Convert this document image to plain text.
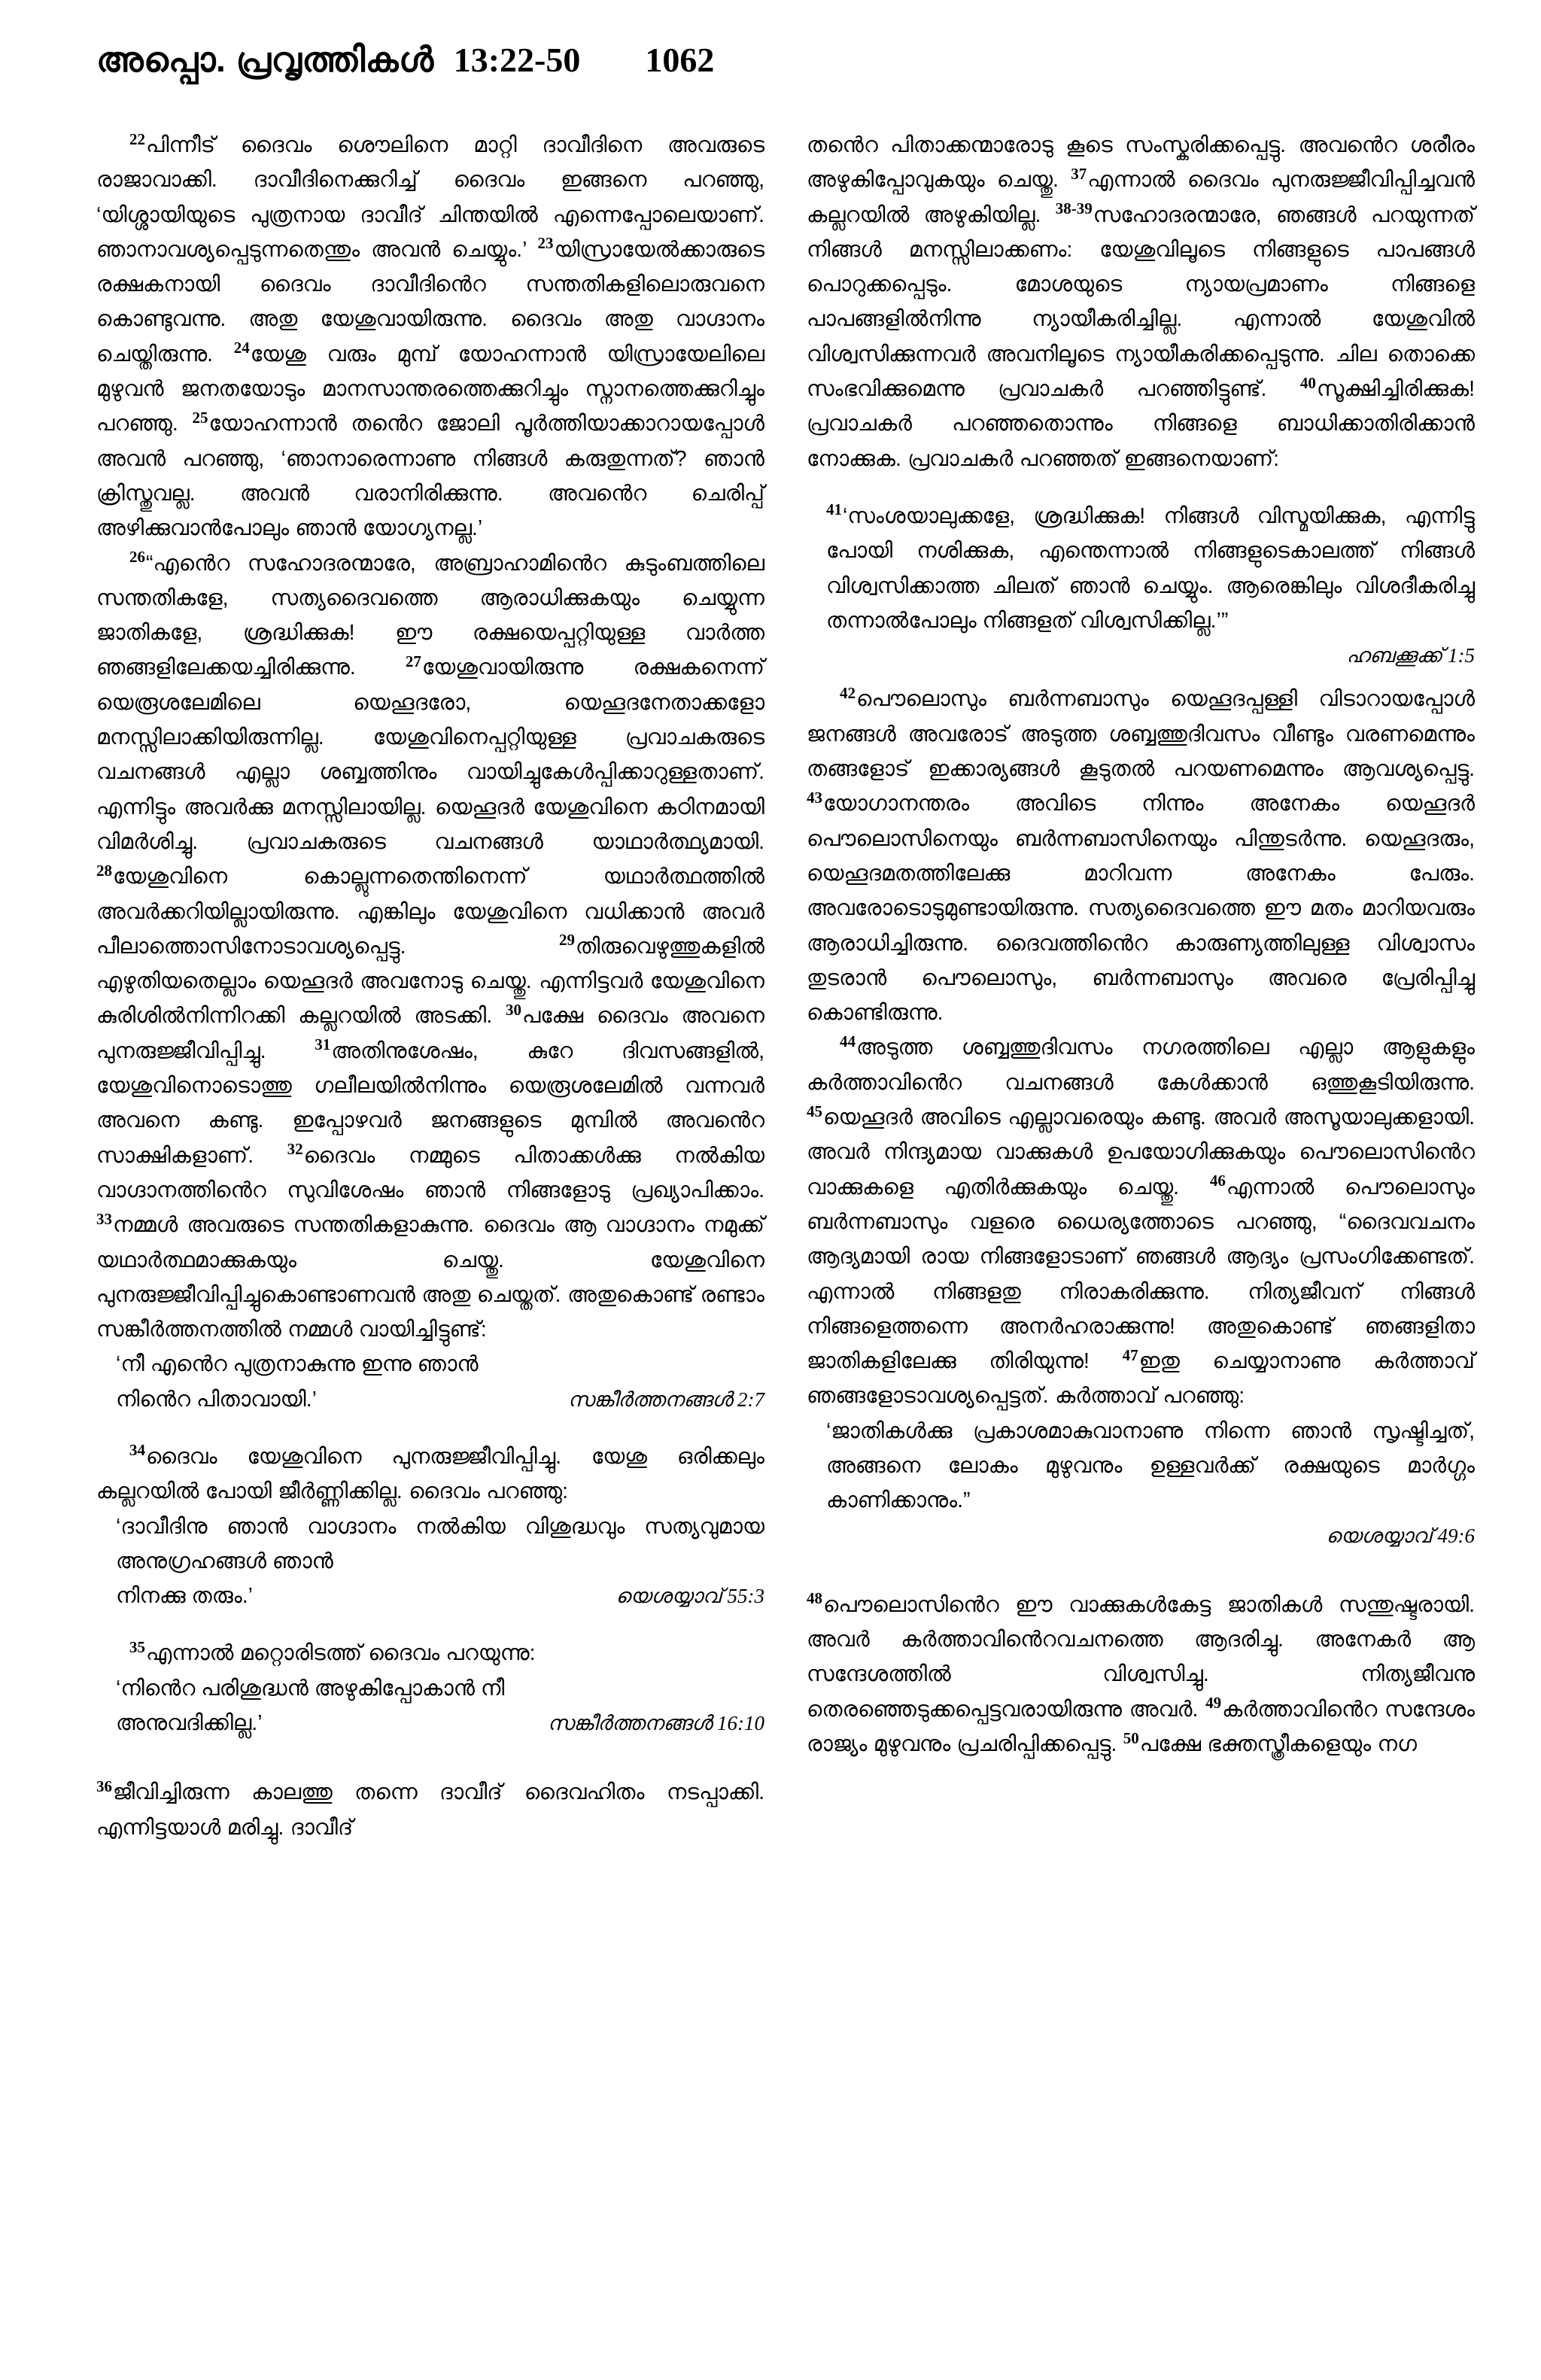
അപ്പൊ. പ്രവൃത്തികൾ 13:22-50 1062

$^{22}$പിന്നീട് ദൈവം ശൌലിനെ മാറ്റി ദാവീദിനെ അവരുടെ രാജാവാക്കി. ദാവീദിനെക്കുറിച്ച് ദൈവം ഇങ്ങനെ പറഞ്ഞു, ‘യിശ്ശായിയുടെ പുത്രനായ ദാവീദ് ചിന്തയിൽ എന്നെപ്പോലെയാണ്. ഞാനാവശ്യപ്പെടുന്നതെന്തും അവൻ ചെയ്യും.’ $^{23}$യിസ്രായേൽക്കാരുടെ രക്ഷകനായി ദൈവം ദാവീദിൻെറ സന്തതികളിലൊരുവനെ കൊണ്ടുവന്നു. അതു യേശുവായിരുന്നു. ദൈവം അതു വാഗ്ദാനം ചെയ്തിരുന്നു. $^{24}$യേശു വരും മുമ്പ് യോഹന്നാൻ യിസ്രായേലിലെ മുഴുവൻ ജനതയോടും മാനസാന്തരത്തെക്കുറിച്ചും സ്നാനത്തെക്കുറിച്ചും പറഞ്ഞു. $^{25}$യോഹന്നാൻ തൻെറ ജോലി പൂർത്തിയാക്കാറായപ്പോൾ അവൻ പറഞ്ഞു, ‘ഞാനാരെന്നാണു നിങ്ങൾ കരുതുന്നത്? ഞാൻ ക്രിസ്തുവല്ല. അവൻ വരാനിരിക്കുന്നു. അവൻെറ ചെരിപ്പ് അഴിക്കുവാൻപോലും ഞാൻ യോഗ്യനല്ല.’

$^{26}$“എൻെറ സഹോദരന്മാരേ, അബ്രാഹാമിൻെറ കുടുംബത്തിലെ സന്തതികളേ, സത്യദൈവത്തെ ആരാധിക്കുകയും ചെയ്യുന്ന ജാതികളേ, ശ്രദ്ധിക്കുക! ഈ രക്ഷയെപ്പറ്റിയുള്ള വാർത്ത ഞങ്ങളിലേക്കയച്ചിരിക്കുന്നു. $^{27}$യേശുവായിരുന്നു രക്ഷകനെന്ന് യെരൂശലേമിലെ യെഹൂദരോ, യെഹൂദനേതാക്കളോ മനസ്സിലാക്കിയിരുന്നില്ല. യേശുവിനെപ്പറ്റിയുള്ള പ്രവാചകരുടെ വചനങ്ങൾ എല്ലാ ശബ്ബത്തിനും വായിച്ചുകേൾപ്പിക്കാറുള്ളതാണ്. എന്നിട്ടും അവർക്കു മനസ്സിലായില്ല. യെഹൂദർ യേശുവിനെ കഠിനമായി വിമർശിച്ചു. പ്രവാചകരുടെ വചനങ്ങൾ യാഥാർത്ഥ്യമായി. $^{28}$യേശുവിനെ കൊല്ലുന്നതെന്തിനെന്ന് യഥാർത്ഥത്തിൽ അവർക്കറിയില്ലായിരുന്നു. എങ്കിലും യേശുവിനെ വധിക്കാൻ അവർ പീലാത്തൊസിനോടാവശ്യപ്പെട്ടു. $^{29}$തിരുവെഴുത്തുകളിൽ എഴുതിയതെല്ലാം യെഹൂദർ അവനോടു ചെയ്തു. എന്നിട്ടവർ യേശുവിനെ കുരിശിൽനിന്നിറക്കി കല്ലറയിൽ അടക്കി. $^{30}$പക്ഷേ ദൈവം അവനെ പുനരുജ്ജീവിപ്പിച്ചു. $^{31}$അതിനുശേഷം, കുറേ ദിവസങ്ങളിൽ, യേശുവിനൊടൊത്തു ഗലീലയിൽനിന്നും യെരൂശലേമിൽ വന്നവർ അവനെ കണ്ടു. ഇപ്പോഴവർ ജനങ്ങളുടെ മുമ്പിൽ അവൻെറ സാക്ഷികളാണ്. $^{32}$ദൈവം നമ്മുടെ പിതാക്കൾക്കു നൽകിയ വാഗ്ദാനത്തിൻെറ സുവിശേഷം ഞാൻ നിങ്ങളോടു പ്രഖ്യാപിക്കാം. $^{33}$നമ്മൾ അവരുടെ സന്തതികളാകുന്നു. ദൈവം ആ വാഗ്ദാനം നമുക്ക് യഥാർത്ഥമാക്കുകയും ചെയ്തു. യേശുവിനെ പുനരുജ്ജീവിപ്പിച്ചുകൊണ്ടാണവൻ അതു ചെയ്തത്. അതുകൊണ്ട് രണ്ടാം സങ്കീർത്തനത്തിൽ നമ്മൾ വായിച്ചിട്ടുണ്ട്:

‘നീ എൻെറ പുത്രനാകുന്നു ഇന്നു ഞാൻ
നിൻെറ പിതാവായി.’	സങ്കീർത്തനങ്ങൾ 2:7

$^{34}$ദൈവം യേശുവിനെ പുനരുജ്ജീവിപ്പിച്ചു. യേശു ഒരിക്കലും കല്ലറയിൽ പോയി ജീർണ്ണിക്കില്ല. ദൈവം പറഞ്ഞു:

‘ദാവീദിനു ഞാൻ വാഗ്ദാനം നൽകിയ വിശുദ്ധവും സത്യവുമായ അനുഗ്രഹങ്ങൾ ഞാൻ
നിനക്കു തരും.’	യെശയ്യാവ് 55:3

$^{35}$എന്നാൽ മറ്റൊരിടത്ത് ദൈവം പറയുന്നു:

‘നിൻെറ പരിശുദ്ധൻ അഴുകിപ്പോകാൻ നീ
അനുവദിക്കില്ല.’	സങ്കീർത്തനങ്ങൾ 16:10

$^{36}$ജീവിച്ചിരുന്ന കാലത്തു തന്നെ ദാവീദ് ദൈവഹിതം നടപ്പാക്കി. എന്നിട്ടയാൾ മരിച്ചു. ദാവീദ്

തൻെറ പിതാക്കന്മാരോടു കൂടെ സംസ്കരിക്കപ്പെട്ടു. അവൻെറ ശരീരം അഴുകിപ്പോവുകയും ചെയ്തു. $^{37}$എന്നാൽ ദൈവം പുനരുജ്ജീവിപ്പിച്ചവൻ കല്ലറയിൽ അഴുകിയില്ല. $^{38-39}$സഹോദരന്മാരേ, ഞങ്ങൾ പറയുന്നത് നിങ്ങൾ മനസ്സിലാക്കണം: യേശുവിലൂടെ നിങ്ങളുടെ പാപങ്ങൾ പൊറുക്കപ്പെടും. മോശയുടെ ന്യായപ്രമാണം നിങ്ങളെ പാപങ്ങളിൽനിന്നു ന്യായീകരിച്ചില്ല. എന്നാൽ യേശുവിൽ വിശ്വസിക്കുന്നവർ അവനിലൂടെ ന്യായീകരിക്കപ്പെടുന്നു. ചില തൊക്കെ സംഭവിക്കുമെന്നു പ്രവാചകർ പറഞ്ഞിട്ടുണ്ട്. $^{40}$സൂക്ഷിച്ചിരിക്കുക! പ്രവാചകർ പറഞ്ഞതൊന്നും നിങ്ങളെ ബാധിക്കാതിരിക്കാൻ നോക്കുക. പ്രവാചകർ പറഞ്ഞത് ഇങ്ങനെയാണ്:

$^{41}$‘സംശയാലുക്കളേ, ശ്രദ്ധിക്കുക! നിങ്ങൾ വിസ്മയിക്കുക, എന്നിട്ടു പോയി നശിക്കുക, എന്തെന്നാൽ നിങ്ങളുടെകാലത്ത് നിങ്ങൾ വിശ്വസിക്കാത്ത ചിലത് ഞാൻ ചെയ്യും. ആരെങ്കിലും വിശദീകരിച്ചു തന്നാൽപോലും നിങ്ങളത് വിശ്വസിക്കില്ല.’”
ഹബക്കൂക്ക് 1:5

$^{42}$പൌലൊസും ബർന്നബാസും യെഹൂദപ്പള്ളി വിടാറായപ്പോൾ ജനങ്ങൾ അവരോട് അടുത്ത ശബ്ബത്തുദിവസം വീണ്ടും വരണമെന്നും തങ്ങളോട് ഇക്കാര്യങ്ങൾ കൂടുതൽ പറയണമെന്നും ആവശ്യപ്പെട്ടു. $^{43}$യോഗാനന്തരം അവിടെ നിന്നും അനേകം യെഹൂദർ പൌലൊസിനെയും ബർന്നബാസിനെയും പിന്തുടർന്നു. യെഹൂദരും, യെഹൂദമതത്തിലേക്കു മാറിവന്ന അനേകം പേരും. അവരോടൊടുമുണ്ടായിരുന്നു. സത്യദൈവത്തെ ഈ മതം മാറിയവരും ആരാധിച്ചിരുന്നു. ദൈവത്തിൻെറ കാരുണ്യത്തിലുള്ള വിശ്വാസം തുടരാൻ പൌലൊസും, ബർന്നബാസും അവരെ പ്രേരിപ്പിച്ചു കൊണ്ടിരുന്നു.

$^{44}$അടുത്ത ശബ്ബത്തുദിവസം നഗരത്തിലെ എല്ലാ ആളുകളും കർത്താവിൻെറ വചനങ്ങൾ കേൾക്കാൻ ഒത്തുകൂടിയിരുന്നു. $^{45}$യെഹൂദർ അവിടെ എല്ലാവരെയും കണ്ടു. അവർ അസൂയാലുക്കളായി. അവർ നിന്ദ്യമായ വാക്കുകൾ ഉപയോഗിക്കുകയും പൌലൊസിൻെറ വാക്കുകളെ എതിർക്കുകയും ചെയ്തു. $^{46}$എന്നാൽ പൌലൊസും ബർന്നബാസും വളരെ ധൈര്യത്തോടെ പറഞ്ഞു, “ദൈവവചനം ആദ്യമായി രായ നിങ്ങളോടാണ് ഞങ്ങൾ ആദ്യം പ്രസംഗിക്കേണ്ടത്. എന്നാൽ നിങ്ങളതു നിരാകരിക്കുന്നു. നിത്യജീവന് നിങ്ങൾ നിങ്ങളെത്തന്നെ അനർഹരാക്കുന്നു! അതുകൊണ്ട് ഞങ്ങളിതാ ജാതികളിലേക്കു തിരിയുന്നു! $^{47}$ഇതു ചെയ്യാനാണു കർത്താവ് ഞങ്ങളോടാവശ്യപ്പെട്ടത്. കർത്താവ് പറഞ്ഞു:

‘ജാതികൾക്കു പ്രകാശമാകുവാനാണു നിന്നെ ഞാൻ സൃഷ്ടിച്ചത്, അങ്ങനെ ലോകം മുഴുവനും ഉള്ളവർക്ക് രക്ഷയുടെ മാർഗ്ഗം കാണിക്കാനും.”
യെശയ്യാവ് 49:6

$^{48}$പൌലൊസിൻെറ ഈ വാക്കുകൾകേട്ട ജാതികൾ സന്തുഷ്ടരായി. അവർ കർത്താവിൻെറവചനത്തെ ആദരിച്ചു. അനേകർ ആ സന്ദേശത്തിൽ വിശ്വസിച്ചു. നിത്യജീവനു തെരഞ്ഞെടുക്കപ്പെട്ടവരായിരുന്നു അവർ. $^{49}$കർത്താവിൻെറ സന്ദേശം രാജ്യം മുഴുവനും പ്രചരിപ്പിക്കപ്പെട്ടു. $^{50}$പക്ഷേ ഭക്തസ്ത്രീകളെയും നഗ
